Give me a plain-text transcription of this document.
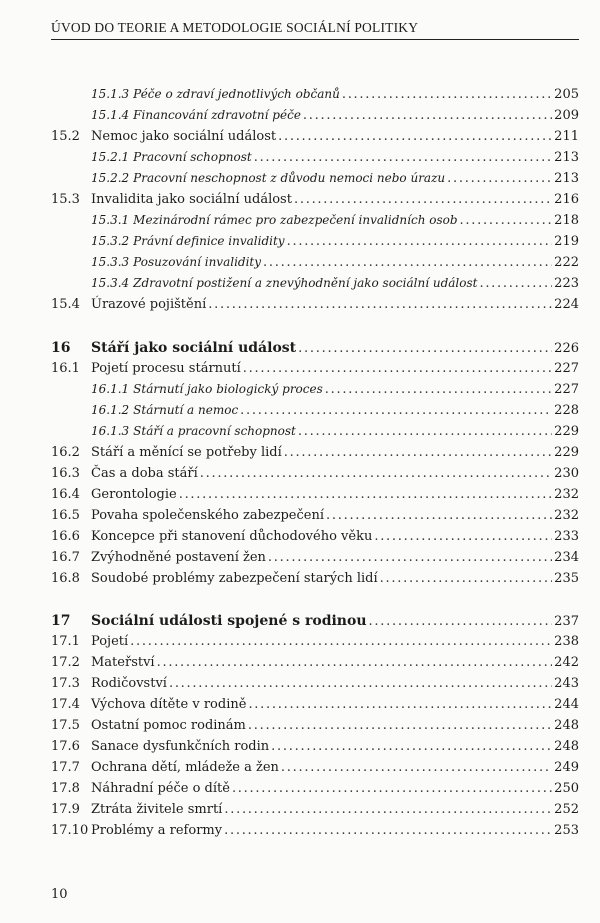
ÚVOD DO TEORIE A METODOLOGIE SOCIÁLNÍ POLITIKY
15.1.3 Péče o zdraví jednotlivých občanů . . .	205
15.1.4 Financování zdravotní péče . . .	209
15.2 Nemoc jako sociální událost . . .	211
15.2.1 Pracovní schopnost . . .	213
15.2.2 Pracovní neschopnost z důvodu nemoci nebo úrazu . . .	213
15.3 Invalidita jako sociální událost . . .	216
15.3.1 Mezinárodní rámec pro zabezpečení invalidních osob . . .	218
15.3.2 Právní definice invalidity . . .	219
15.3.3 Posuzování invalidity . . .	222
15.3.4 Zdravotní postižení a znevýhodnění jako sociální událost . . .	223
15.4 Úrazové pojištění . . .	224
16 Stáří jako sociální událost . . .	226
16.1 Pojetí procesu stárnutí . . .	227
16.1.1 Stárnutí jako biologický proces . . .	227
16.1.2 Stárnutí a nemoc . . .	228
16.1.3 Stáří a pracovní schopnost . . .	229
16.2 Stáří a měnící se potřeby lidí . . .	229
16.3 Čas a doba stáří . . .	230
16.4 Gerontologie . . .	232
16.5 Povaha společenského zabezpečení . . .	232
16.6 Koncepce při stanovení důchodového věku . . .	233
16.7 Zvýhodněné postavení žen . . .	234
16.8 Soudobé problémy zabezpečení starých lidí . . .	235
17 Sociální události spojené s rodinou . . .	237
17.1 Pojetí . . .	238
17.2 Mateřství . . .	242
17.3 Rodičovství . . .	243
17.4 Výchova dítěte v rodině . . .	244
17.5 Ostatní pomoc rodinám . . .	248
17.6 Sanace dysfunkčních rodin . . .	248
17.7 Ochrana dětí, mládeže a žen . . .	249
17.8 Náhradní péče o dítě . . .	250
17.9 Ztráta živitele smrtí . . .	252
17.10 Problémy a reformy . . .	253
10
